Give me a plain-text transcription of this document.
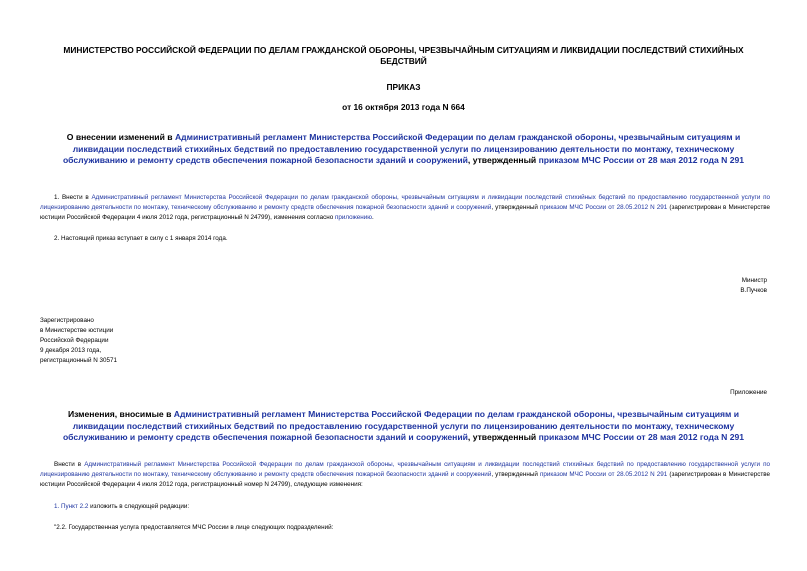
МИНИСТЕРСТВО РОССИЙСКОЙ ФЕДЕРАЦИИ ПО ДЕЛАМ ГРАЖДАНСКОЙ ОБОРОНЫ, ЧРЕЗВЫЧАЙНЫМ СИТУАЦИЯМ И ЛИКВИДАЦИИ ПОСЛЕДСТВИЙ СТИХИЙНЫХ БЕДСТВИЙ
ПРИКАЗ
от 16 октября 2013 года N 664
О внесении изменений в Административный регламент Министерства Российской Федерации по делам гражданской обороны, чрезвычайным ситуациям и ликвидации последствий стихийных бедствий по предоставлению государственной услуги по лицензированию деятельности по монтажу, техническому обслуживанию и ремонту средств обеспечения пожарной безопасности зданий и сооружений, утвержденный приказом МЧС России от 28 мая 2012 года N 291
1. Внести в Административный регламент Министерства Российской Федерации по делам гражданской обороны, чрезвычайным ситуациям и ликвидации последствий стихийных бедствий по предоставлению государственной услуги по лицензированию деятельности по монтажу, техническому обслуживанию и ремонту средств обеспечения пожарной безопасности зданий и сооружений, утвержденный приказом МЧС России от 28.05.2012 N 291 (зарегистрирован в Министерстве юстиции Российской Федерации 4 июля 2012 года, регистрационный N 24799), изменения согласно приложению.
2. Настоящий приказ вступает в силу с 1 января 2014 года.
Министр
В.Пучков
Зарегистрировано
в Министерстве юстиции
Российской Федерации
9 декабря 2013 года,
регистрационный N 30571
Приложение
Изменения, вносимые в Административный регламент Министерства Российской Федерации по делам гражданской обороны, чрезвычайным ситуациям и ликвидации последствий стихийных бедствий по предоставлению государственной услуги по лицензированию деятельности по монтажу, техническому обслуживанию и ремонту средств обеспечения пожарной безопасности зданий и сооружений, утвержденный приказом МЧС России от 28 мая 2012 года N 291
Внести в Административный регламент Министерства Российской Федерации по делам гражданской обороны, чрезвычайным ситуациям и ликвидации последствий стихийных бедствий по предоставлению государственной услуги по лицензированию деятельности по монтажу, техническому обслуживанию и ремонту средств обеспечения пожарной безопасности зданий и сооружений, утвержденный приказом МЧС России от 28.05.2012 N 291 (зарегистрирован в Министерстве юстиции Российской Федерации 4 июля 2012 года, регистрационный номер N 24799), следующие изменения:
1. Пункт 2.2 изложить в следующей редакции:
"2.2. Государственная услуга предоставляется МЧС России в лице следующих подразделений:
